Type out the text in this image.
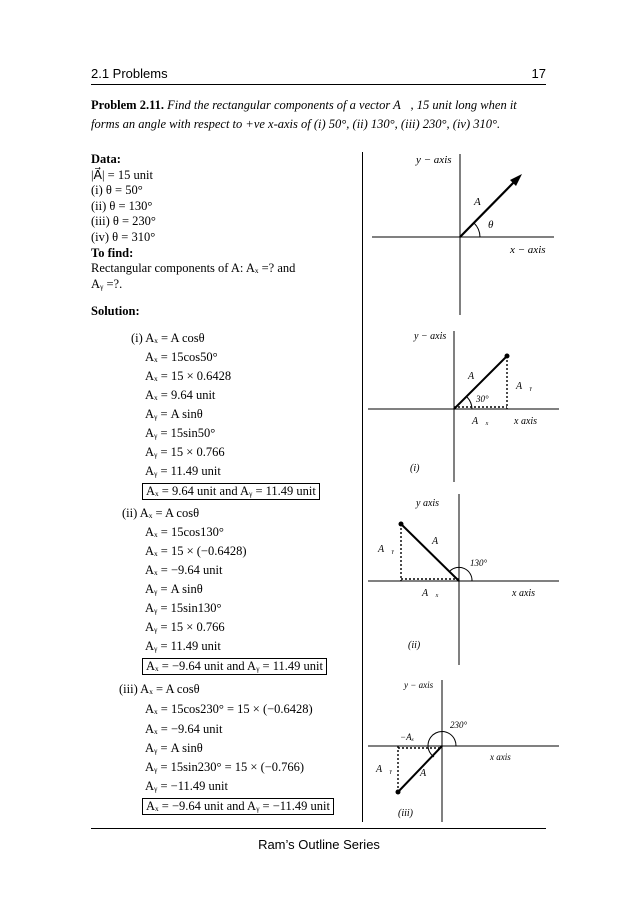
2.1 Problems	17
Problem 2.11. Find the rectangular components of a vector A⃗, 15 unit long when it forms an angle with respect to +ve x-axis of (i) 50°, (ii) 130°, (iii) 230°, (iv) 310°.
Data:
|A⃗| = 15 unit
(i) θ = 50°
(ii) θ = 130°
(iii) θ = 230°
(iv) θ = 310°
To find:
Rectangular components of A: Aₓ =? and
Aᵧ =?.
Solution:
(i) Aₓ = A cosθ
Aₓ = 15cos50°
Aₓ = 15 × 0.6428
Aₓ = 9.64 unit
Aᵧ = A sinθ
Aᵧ = 15sin50°
Aᵧ = 15 × 0.766
Aᵧ = 11.49 unit
Aₓ = 9.64 unit and Aᵧ = 11.49 unit
(ii) Aₓ = A cosθ
Aₓ = 15cos130°
Aₓ = 15 × (−0.6428)
Aₓ = −9.64 unit
Aᵧ = A sinθ
Aᵧ = 15sin130°
Aᵧ = 15 × 0.766
Aᵧ = 11.49 unit
Aₓ = −9.64 unit and Aᵧ = 11.49 unit
(iii) Aₓ = A cosθ
Aₓ = 15cos230° = 15 × (−0.6428)
Aₓ = −9.64 unit
Aᵧ = A sinθ
Aᵧ = 15sin230° = 15 × (−0.766)
Aᵧ = −11.49 unit
Aₓ = −9.64 unit and Aᵧ = −11.49 unit
y − axis
x − axis
A⃗
θ
y − axis
x axis
A⃗
A⃗ᵧ
A⃗ₓ
30°
(i)
y axis
x axis
A⃗
A⃗ᵧ
A⃗ₓ
130°
(ii)
y − axis
x axis
A⃗
A⃗ᵧ
−Aₓ
230°
(iii)
Ram’s Outline Series
